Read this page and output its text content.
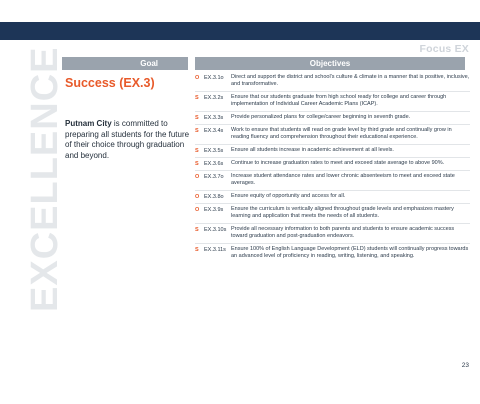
Focus EX
Goal	Objectives
EXCELLENCE Success (EX.3)
Putnam City is committed to preparing all students for the future of their choice through graduation and beyond.
O EX.3.1o	Direct and support the district and school's culture & climate in a manner that is positive, inclusive, and transformative.
S EX.3.2s	Ensure that our students graduate from high school ready for college and career through implementation of Individual Career Academic Plans (ICAP).
S EX.3.3s	Provide personalized plans for college/career beginning in seventh grade.
S EX.3.4s	Work to ensure that students will read on grade level by third grade and continually grow in reading fluency and comprehension throughout their educational experience.
S EX.3.5s	Ensure all students increase in academic achievement at all levels.
S EX.3.6s	Continue to increase graduation rates to meet and exceed state average to above 90%.
O EX.3.7o	Increase student attendance rates and lower chronic absenteeism to meet and exceed state averages.
O EX.3.8o	Ensure equity of opportunity and access for all.
O EX.3.9s	Ensure the curriculum is vertically aligned throughout grade levels and emphasizes mastery learning and application that meets the needs of all students.
S EX.3.10s Provide all necessary information to both parents and students to ensure academic success toward graduation and post-graduation endeavors.
S EX.3.11s Ensure 100% of English Language Development (ELD) students will continually progress towards an advanced level of proficiency in reading, writing, listening, and speaking.
23
